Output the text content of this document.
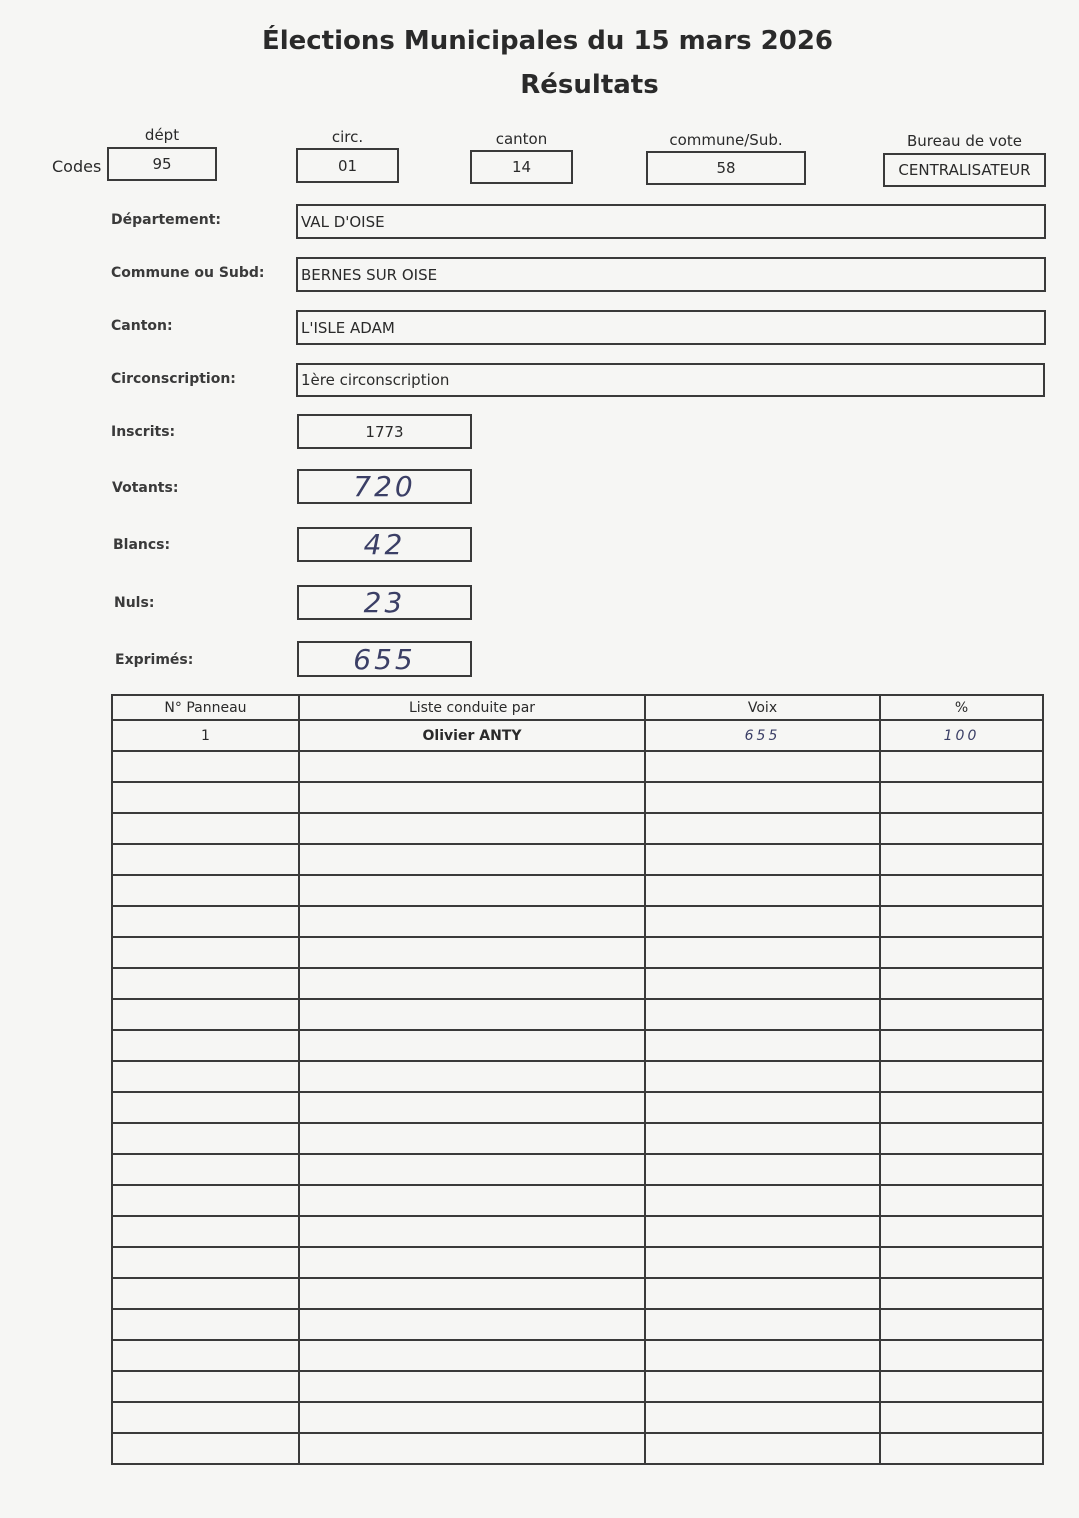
Élections Municipales du 15 mars 2026
Résultats
Codes
dépt
95
circ.
01
canton
14
commune/Sub.
58
Bureau de vote
CENTRALISATEUR
Département:	VAL D'OISE
Commune ou Subd:	BERNES SUR OISE
Canton:	L'ISLE ADAM
Circonscription:	1ère circonscription
Inscrits:	1773
Votants:	720
Blancs:	42
Nuls:	23
Exprimés:	655
N° Panneau	Liste conduite par	Voix	%
1	Olivier ANTY	655	100
